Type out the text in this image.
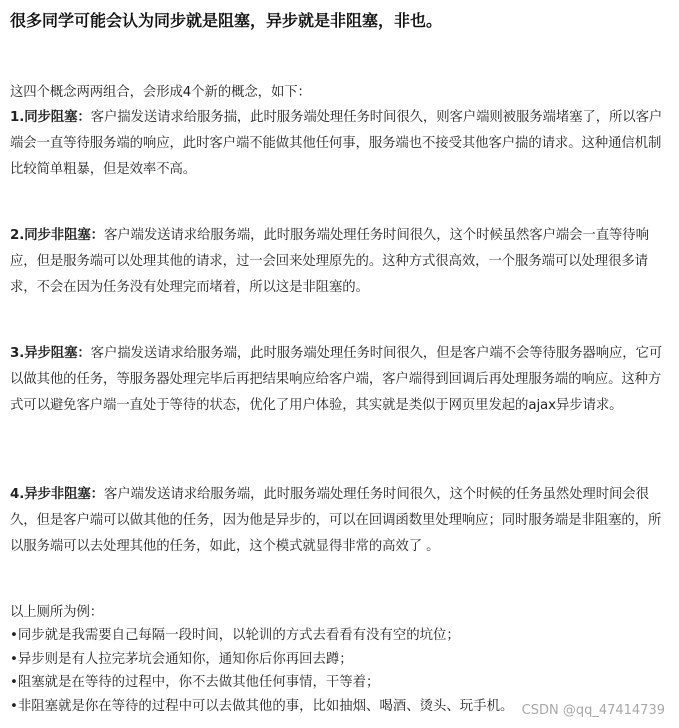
很多同学可能会认为同步就是阻塞，异步就是非阻塞，非也。
这四个概念两两组合，会形成4个新的概念，如下：
1.同步阻塞：客户揣发送请求给服务揣，此时服务端处理任务时间很久，则客户端则被服务端堵塞了，所以客户端会一直等待服务端的响应，此时客户端不能做其他任何事，服务端也不接受其他客户揣的请求。这种通信机制比较简单粗暴，但是效率不高。
2.同步非阻塞：客户端发送请求给服务端，此时服务端处理任务时间很久，这个时候虽然客户端会一直等待响应，但是服务端可以处理其他的请求，过一会回来处理原先的。这种方式很高效，一个服务端可以处理很多请求，不会在因为任务没有处理完而堵着，所以这是非阻塞的。
3.异步阻塞：客户揣发送请求给服务端，此时服务端处理任务时间很久，但是客户端不会等待服务器响应，它可以做其他的任务，等服务器处理完毕后再把结果响应给客户端，客户端得到回调后再处理服务端的响应。这种方式可以避免客户端一直处于等待的状态，优化了用户体验，其实就是类似于网页里发起的ajax异步请求。
4.异步非阻塞：客户端发送请求给服务端，此时服务端处理任务时间很久，这个时候的任务虽然处理时间会很久，但是客户端可以做其他的任务，因为他是异步的，可以在回调函数里处理响应；同时服务端是非阻塞的，所以服务端可以去处理其他的任务，如此，这个模式就显得非常的高效了 。
以上厕所为例：
•同步就是我需要自己每隔一段时间，以轮训的方式去看看有没有空的坑位；
•异步则是有人拉完茅坑会通知你，通知你后你再回去蹲；
•阻塞就是在等待的过程中，你不去做其他任何事情，干等着；
•非阻塞就是你在等待的过程中可以去做其他的事，比如抽烟、喝酒、烫头、玩手机。 CSDN @qq_47414739
